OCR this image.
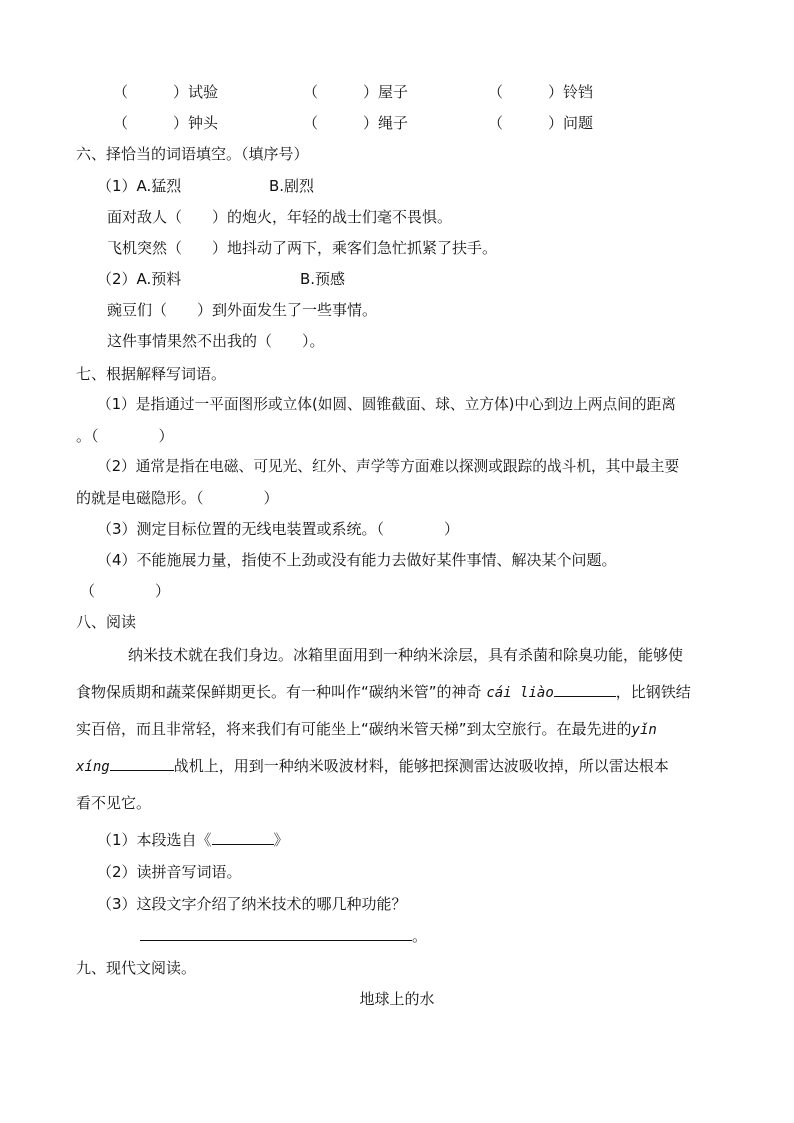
（　　　）试验	（　　　）屋子	（　　　）铃铛
（　　　）钟头	（　　　）绳子	（　　　）问题
六、择恰当的词语填空。（填序号）
（1）A.猛烈	B.剧烈
面对敌人（　　）的炮火，年轻的战士们毫不畏惧。
飞机突然（　　）地抖动了两下，乘客们急忙抓紧了扶手。
（2）A.预料	B.预感
豌豆们（　　）到外面发生了一些事情。
这件事情果然不出我的（　　）。
七、根据解释写词语。
（1）是指通过一平面图形或立体(如圆、圆锥截面、球、立方体)中心到边上两点间的距离
。（　　　　）
（2）通常是指在电磁、可见光、红外、声学等方面难以探测或跟踪的战斗机，其中最主要
的就是电磁隐形。（　　　　）
（3）测定目标位置的无线电装置或系统。（　　　　）
（4）不能施展力量，指使不上劲或没有能力去做好某件事情、解决某个问题。
（　　　　）
八、阅读
纳米技术就在我们身边。冰箱里面用到一种纳米涂层，具有杀菌和除臭功能，能够使
食物保质期和蔬菜保鲜期更长。有一种叫作“碳纳米管”的神奇 cái liào	，比钢铁结
实百倍，而且非常轻，将来我们有可能坐上“碳纳米管天梯”到太空旅行。在最先进的yǐn
xíng	战机上，用到一种纳米吸波材料，能够把探测雷达波吸收掉，所以雷达根本
看不见它。
（1）本段选自《	》
（2）读拼音写词语。
（3）这段文字介绍了纳米技术的哪几种功能？
。
九、现代文阅读。
地球上的水
